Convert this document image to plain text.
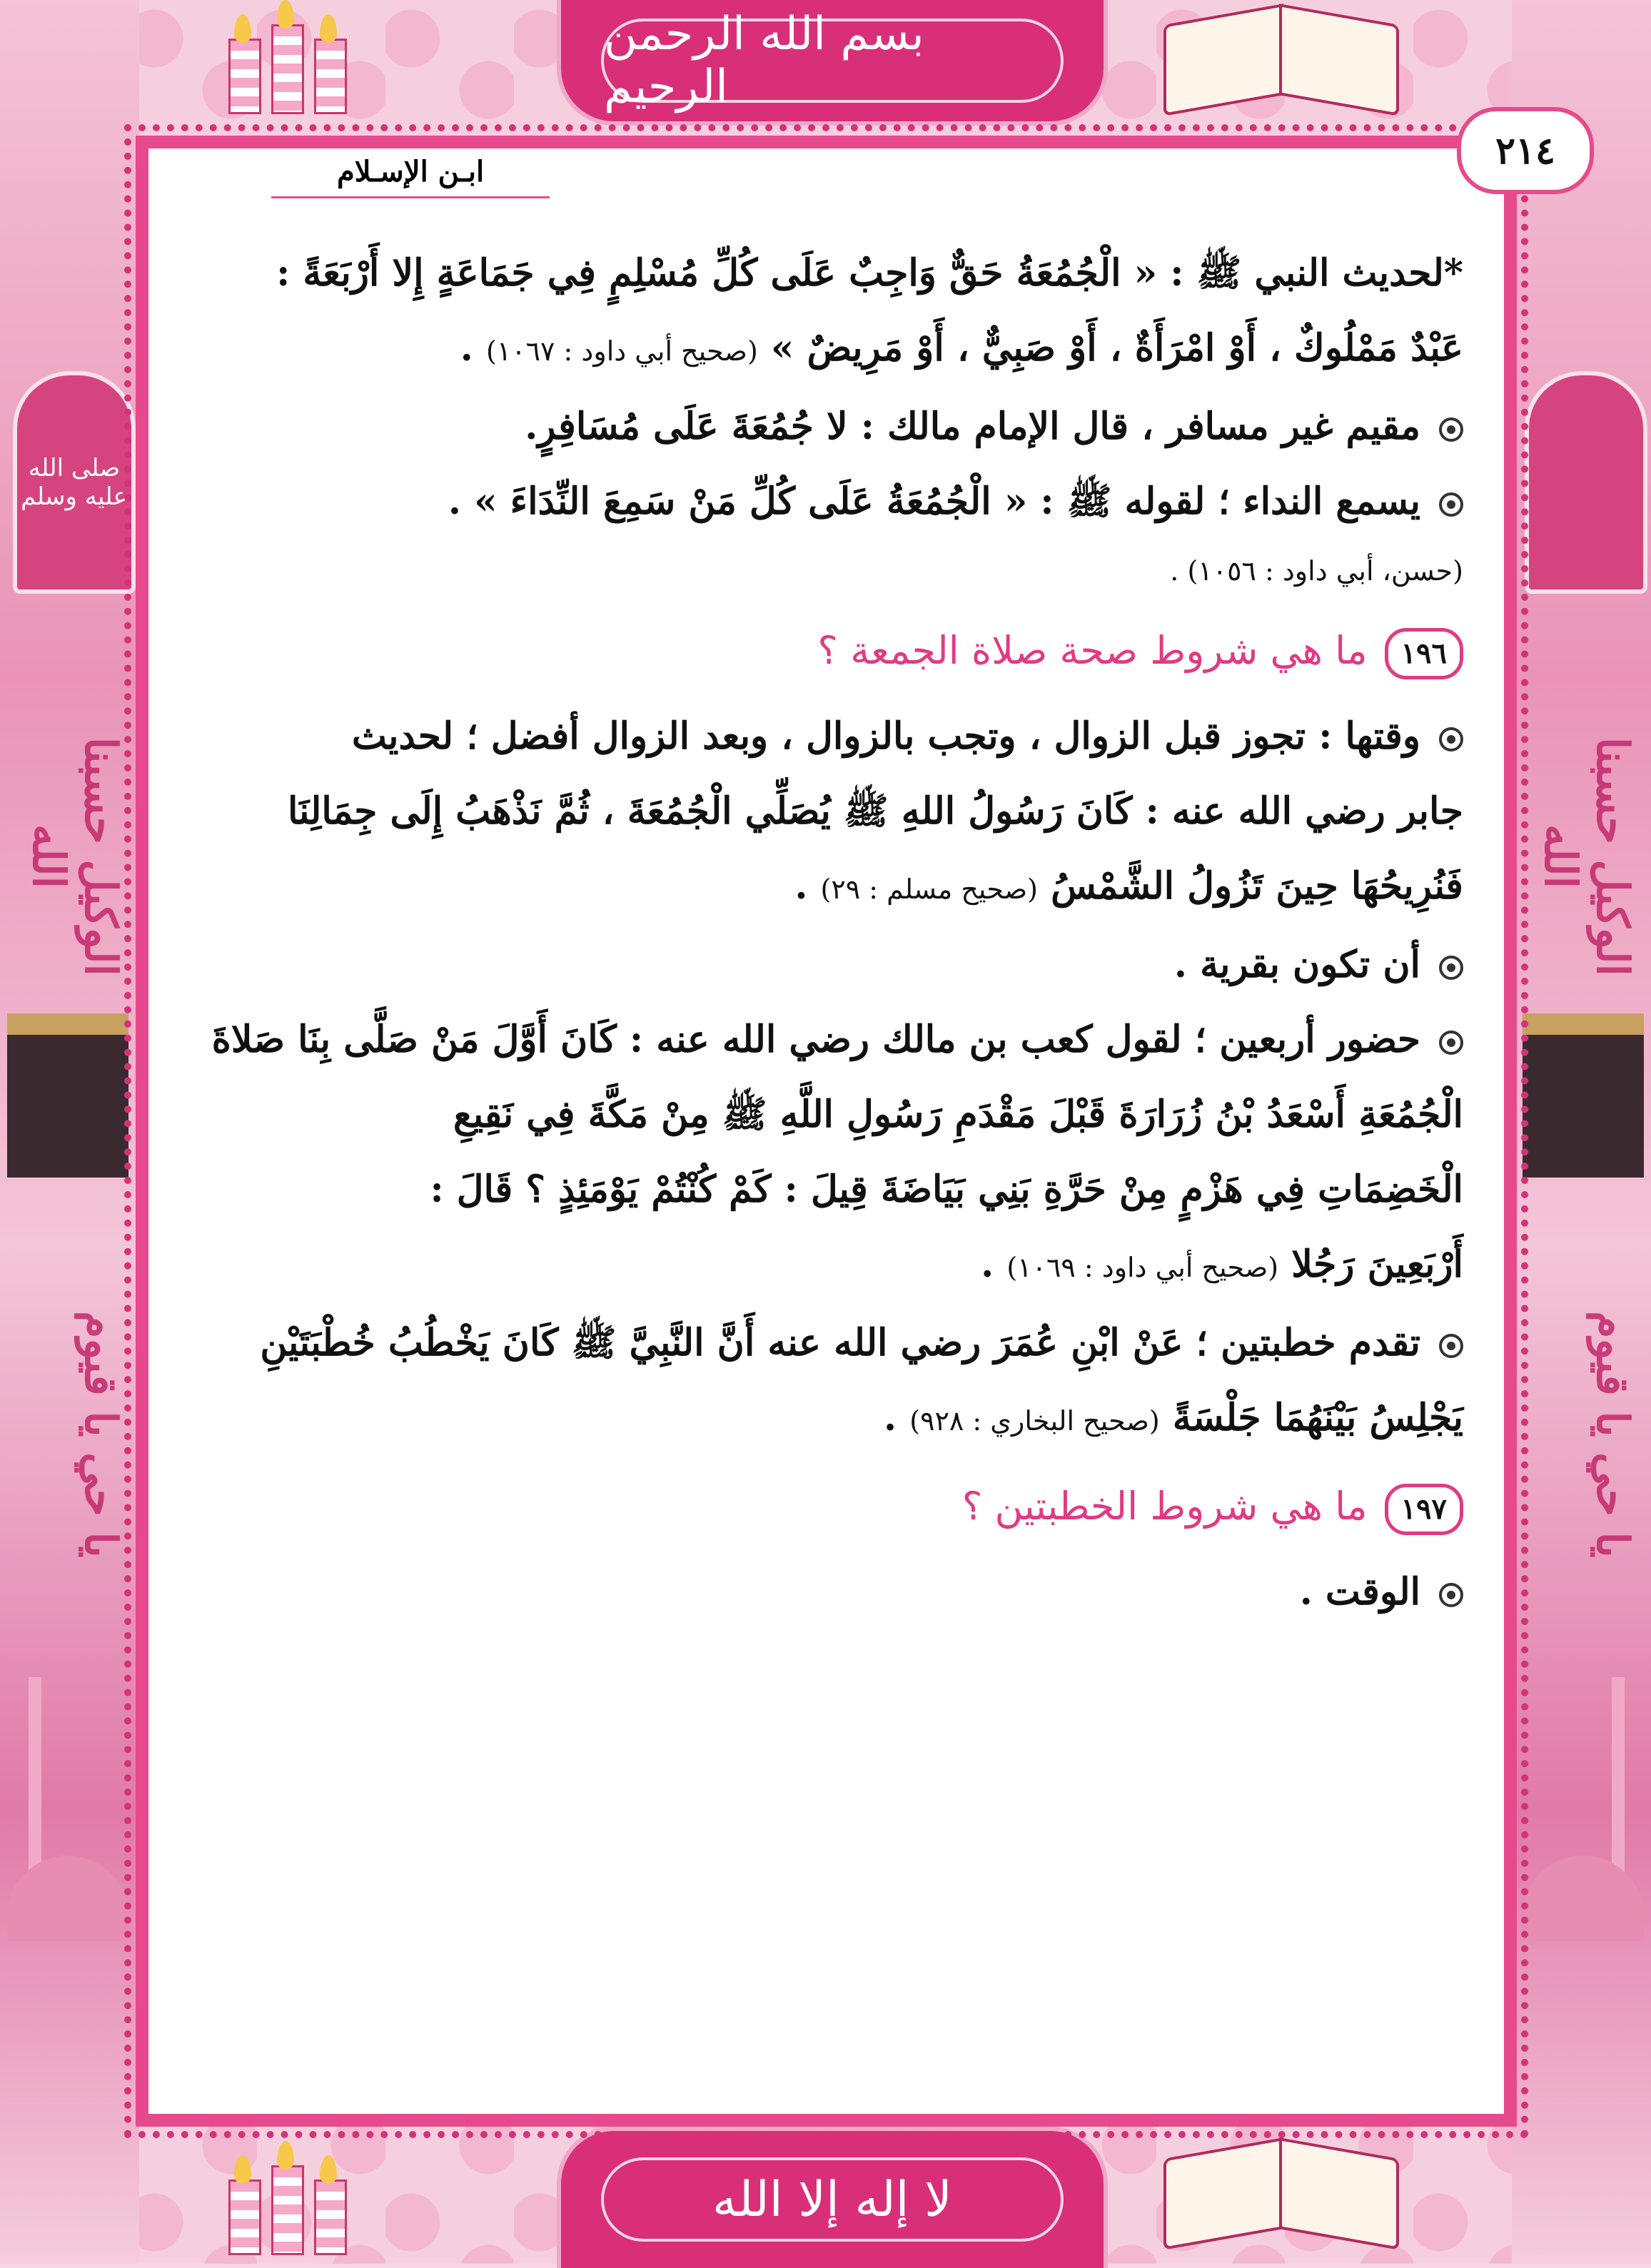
صلى الله عليه وسلم
الوكيل حسبنا الله
يا حي يا قيوم
الوكيل حسبنا الله
يا حي يا قيوم
بسم الله الرحمن الرحيم
لا إله إلا الله
٢١٤
ابـن الإسـلام
*لحديث النبي ﷺ : « الْجُمُعَةُ حَقٌّ وَاجِبٌ عَلَى كُلِّ مُسْلِمٍ فِي جَمَاعَةٍ إِلا أَرْبَعَةً :
عَبْدٌ مَمْلُوكٌ ، أَوْ امْرَأَةٌ ، أَوْ صَبِيٌّ ، أَوْ مَرِيضٌ » (صحيح أبي داود : ١٠٦٧) .
مقيم غير مسافر ، قال الإمام مالك : لا جُمُعَةَ عَلَى مُسَافِرٍ.
يسمع النداء ؛ لقوله ﷺ : « الْجُمُعَةُ عَلَى كُلِّ مَنْ سَمِعَ النِّدَاءَ » .
(حسن، أبي داود : ١٠٥٦) .
١٩٦ما هي شروط صحة صلاة الجمعة ؟
وقتها : تجوز قبل الزوال ، وتجب بالزوال ، وبعد الزوال أفضل ؛ لحديث
جابر رضي الله عنه : كَانَ رَسُولُ اللهِ ﷺ يُصَلِّي الْجُمُعَةَ ، ثُمَّ نَذْهَبُ إِلَى جِمَالِنَا
فَنُرِيحُهَا حِينَ تَزُولُ الشَّمْسُ (صحيح مسلم : ٢٩) .
أن تكون بقرية .
حضور أربعين ؛ لقول كعب بن مالك رضي الله عنه : كَانَ أَوَّلَ مَنْ صَلَّى بِنَا صَلاةَ
الْجُمُعَةِ أَسْعَدُ بْنُ زُرَارَةَ قَبْلَ مَقْدَمِ رَسُولِ اللَّهِ ﷺ مِنْ مَكَّةَ فِي نَقِيعِ
الْخَضِمَاتِ فِي هَزْمٍ مِنْ حَرَّةِ بَنِي بَيَاضَةَ قِيلَ : كَمْ كُنْتُمْ يَوْمَئِذٍ ؟ قَالَ :
أَرْبَعِينَ رَجُلا (صحيح أبي داود : ١٠٦٩) .
تقدم خطبتين ؛ عَنْ ابْنِ عُمَرَ رضي الله عنه أَنَّ النَّبِيَّ ﷺ كَانَ يَخْطُبُ خُطْبَتَيْنِ
يَجْلِسُ بَيْنَهُمَا جَلْسَةً (صحيح البخاري : ٩٢٨) .
١٩٧ما هي شروط الخطبتين ؟
الوقت .
